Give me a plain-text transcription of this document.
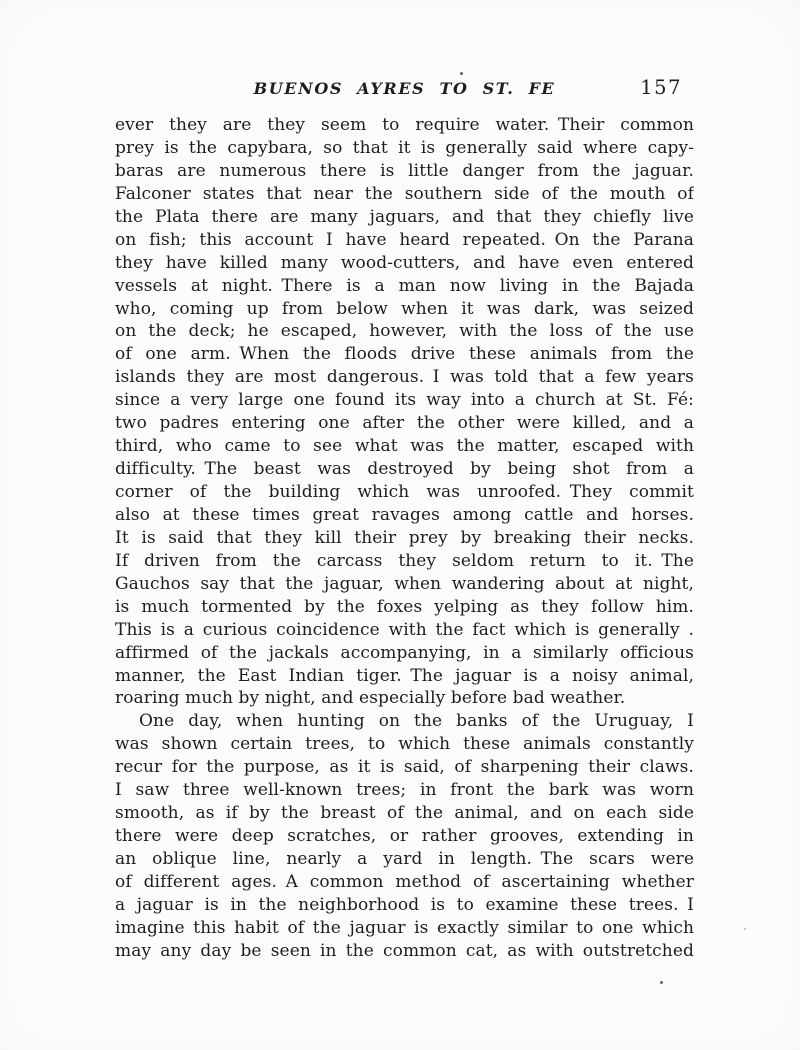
BUENOS AYRES TO ST. FE	157
ever they are they seem to require water. Their common
prey is the capybara, so that it is generally said where capy-
baras are numerous there is little danger from the jaguar.
Falconer states that near the southern side of the mouth of
the Plata there are many jaguars, and that they chiefly live
on fish; this account I have heard repeated. On the Parana
they have killed many wood-cutters, and have even entered
vessels at night. There is a man now living in the Bajada
who, coming up from below when it was dark, was seized
on the deck; he escaped, however, with the loss of the use
of one arm. When the floods drive these animals from the
islands they are most dangerous. I was told that a few years
since a very large one found its way into a church at St. Fé:
two padres entering one after the other were killed, and a
third, who came to see what was the matter, escaped with
difficulty. The beast was destroyed by being shot from a
corner of the building which was unroofed. They commit
also at these times great ravages among cattle and horses.
It is said that they kill their prey by breaking their necks.
If driven from the carcass they seldom return to it. The
Gauchos say that the jaguar, when wandering about at night,
is much tormented by the foxes yelping as they follow him.
This is a curious coincidence with the fact which is generally .
affirmed of the jackals accompanying, in a similarly officious
manner, the East Indian tiger. The jaguar is a noisy animal,
roaring much by night, and especially before bad weather.
One day, when hunting on the banks of the Uruguay, I
was shown certain trees, to which these animals constantly
recur for the purpose, as it is said, of sharpening their claws.
I saw three well-known trees; in front the bark was worn
smooth, as if by the breast of the animal, and on each side
there were deep scratches, or rather grooves, extending in
an oblique line, nearly a yard in length. The scars were
of different ages. A common method of ascertaining whether
a jaguar is in the neighborhood is to examine these trees. I
imagine this habit of the jaguar is exactly similar to one which
may any day be seen in the common cat, as with outstretched
